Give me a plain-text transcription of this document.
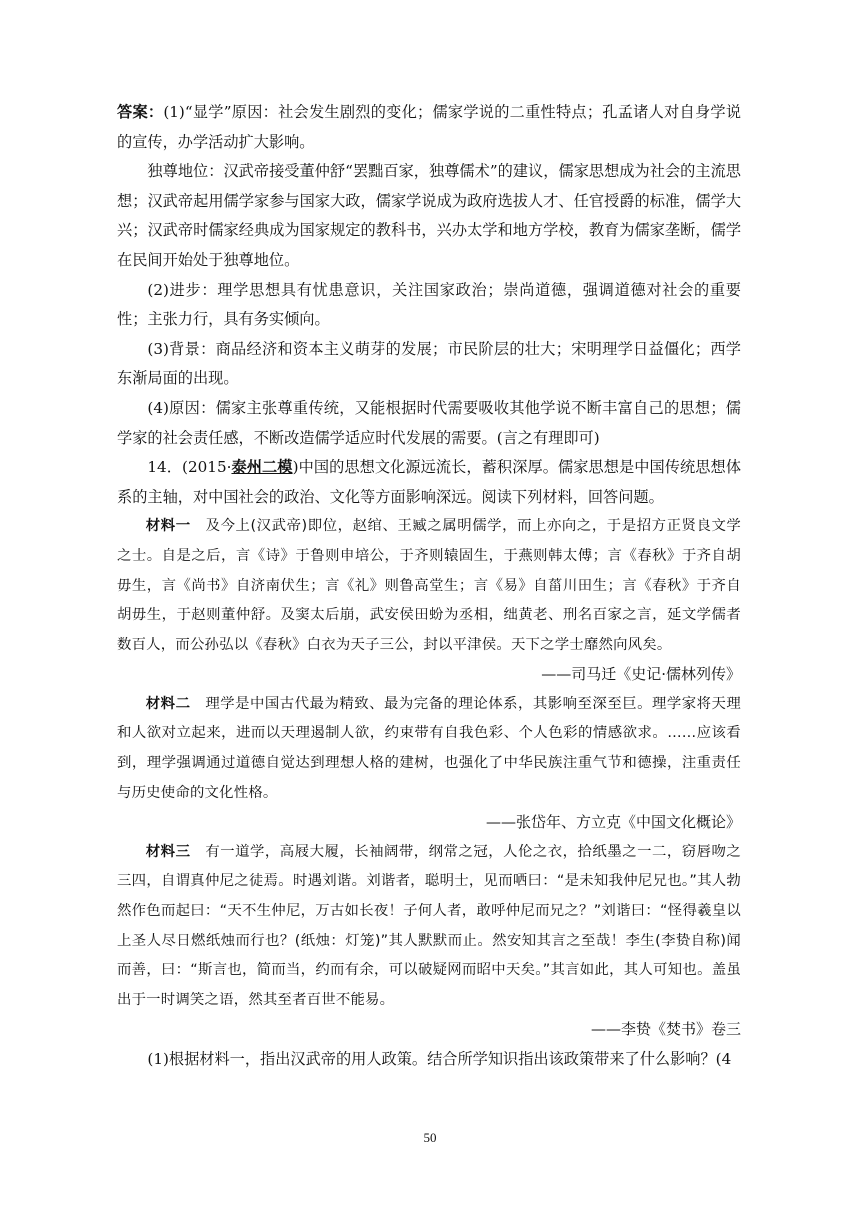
答案：(1)“显学”原因：社会发生剧烈的变化；儒家学说的二重性特点；孔孟诸人对自身学说的宣传，办学活动扩大影响。

独尊地位：汉武帝接受董仲舒“罢黜百家，独尊儒术”的建议，儒家思想成为社会的主流思想；汉武帝起用儒学家参与国家大政，儒家学说成为政府选拔人才、任官授爵的标准，儒学大兴；汉武帝时儒家经典成为国家规定的教科书，兴办太学和地方学校，教育为儒家垄断，儒学在民间开始处于独尊地位。

(2)进步：理学思想具有忧患意识，关注国家政治；崇尚道德，强调道德对社会的重要性；主张力行，具有务实倾向。

(3)背景：商品经济和资本主义萌芽的发展；市民阶层的壮大；宋明理学日益僵化；西学东渐局面的出现。

(4)原因：儒家主张尊重传统，又能根据时代需要吸收其他学说不断丰富自己的思想；儒学家的社会责任感，不断改造儒学适应时代发展的需要。(言之有理即可)

14．(2015·泰州二模)中国的思想文化源远流长，蓄积深厚。儒家思想是中国传统思想体系的主轴，对中国社会的政治、文化等方面影响深远。阅读下列材料，回答问题。

材料一　 及今上(汉武帝)即位，赵绾、王臧之属明儒学，而上亦向之，于是招方正贤良文学之士。自是之后，言《诗》于鲁则申培公，于齐则辕固生，于燕则韩太傅；言《春秋》于齐自胡毋生，言《尚书》自济南伏生；言《礼》则鲁高堂生；言《易》自菑川田生；言《春秋》于齐自胡毋生，于赵则董仲舒。及窦太后崩，武安侯田蚡为丞相，绌黄老、刑名百家之言，延文学儒者数百人，而公孙弘以《春秋》白衣为天子三公，封以平津侯。天下之学士靡然向风矣。

——司马迁《史记·儒林列传》

材料二　 理学是中国古代最为精致、最为完备的理论体系，其影响至深至巨。理学家将天理和人欲对立起来，进而以天理遏制人欲，约束带有自我色彩、个人色彩的情感欲求。……应该看到，理学强调通过道德自觉达到理想人格的建树，也强化了中华民族注重气节和德操，注重责任与历史使命的文化性格。

——张岱年、方立克《中国文化概论》

材料三　 有一道学，高屐大履，长袖阔带，纲常之冠，人伦之衣，拾纸墨之一二，窃唇吻之三四，自谓真仲尼之徒焉。时遇刘谐。刘谐者，聪明士，见而哂曰：“是未知我仲尼兄也。”其人勃然作色而起曰：“天不生仲尼，万古如长夜！子何人者，敢呼仲尼而兄之？”刘谐曰：“怪得羲皇以上圣人尽日燃纸烛而行也？(纸烛：灯笼)”其人默默而止。然安知其言之至哉！李生(李贽自称)闻而善，曰：“斯言也，简而当，约而有余，可以破疑网而昭中天矣。”其言如此，其人可知也。盖虽出于一时调笑之语，然其至者百世不能易。

——李贽《焚书》卷三

(1)根据材料一，指出汉武帝的用人政策。结合所学知识指出该政策带来了什么影响？(4

50
